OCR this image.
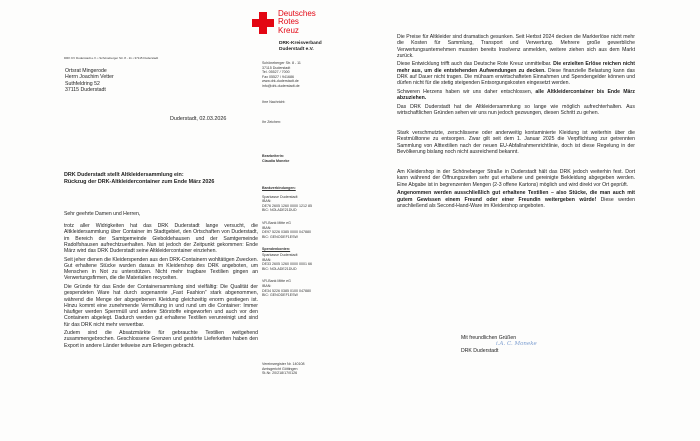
Deutsches
Rotes
Kreuz
DRK KV Duderstadt e.V. • Schöneberger Str. 8 - 11 • 37115 Duderstadt
Ortsrat Mingerode
Herrn Joachim Vetter
Suthfeldring 52
37115 Duderstadt
DRK-Kreisverband
Duderstadt e.V.
Schöneberger Str. 8 - 11
37115 Duderstadt
Tel. 05527 / 7000
Fax 05527 / 941686
www.drk-duderstadt.de
info@drk-duderstadt.de
Ihre Nachricht:
Ihr Zeichen:
Duderstadt, 02.03.2026
Bearbeiterin:
Claudia Moneke
DRK Duderstadt stellt Altkleidersammlung ein:
Rückzug der DRK-Altkleidercontainer zum Ende März 2026
Bankverbindungen:
Sparkasse Duderstadt
IBAN:
DE76 2605 1260 0000 1212 85
BIC: NOLADE21DUD
VR-Bank Mitte eG
IBAN:
DE97 5226 0385 0000 047880
BIC: GENODEF1ESW
Spendenkonten:
Sparkasse Duderstadt
IBAN:
DE33 2605 1260 0000 0001 66
BIC: NOLADE21DUD
VR-Bank Mitte eG
IBAN:
DE34 5226 0385 0100 047880
BIC: GENODEF1ESW
Vereinsregister Nr. 140108
Amtsgericht Göttingen
St-Nr. 20/218/17/0126
Sehr geehrte Damen und Herren,

trotz aller Widrigkeiten hat das DRK Duderstadt lange versucht, die Altkleidersammlung über Container im Stadtgebiet, den Ortschaften von Duderstadt, im Bereich der Samtgemeinde Gieboldehausen und der Samtgemeinde Radolfshausen aufrechtzuerhalten. Nun ist jedoch der Zeitpunkt gekommen: Ende März wird das DRK Duderstadt seine Altkleidercontainer einziehen.

Seit jeher dienen die Kleiderspenden aus den DRK-Containern wohltätigen Zwecken. Gut erhaltene Stücke wurden daraus im Kleidershop des DRK angeboten, um Menschen in Not zu unterstützen. Nicht mehr tragbare Textilien gingen an Verwertungsfirmen, die die Materialien recycelten.

Die Gründe für das Ende der Containersammlung sind vielfältig: Die Qualität der gespendeten Ware hat durch sogenannte „Fast Fashion“ stark abgenommen, während die Menge der abgegebenen Kleidung gleichzeitig enorm gestiegen ist. Hinzu kommt eine zunehmende Vermüllung in und rund um die Container: Immer häufiger werden Sperrmüll und andere Störstoffe eingeworfen und auch vor den Containern abgelegt. Dadurch werden gut erhaltene Textilien verunreinigt und sind für das DRK nicht mehr verwertbar.

Zudem sind die Absatzmärkte für gebrauchte Textilien weitgehend zusammengebrochen. Geschlossene Grenzen und gestörte Lieferketten haben den Export in andere Länder teilweise zum Erliegen gebracht.

Die Preise für Altkleider sind dramatisch gesunken. Seit Herbst 2024 decken die Markterlöse nicht mehr die Kosten für Sammlung, Transport und Verwertung. Mehrere große gewerbliche Verwertungsunternehmen mussten bereits Insolvenz anmelden, weitere ziehen sich aus dem Markt zurück.

Diese Entwicklung trifft auch das Deutsche Rote Kreuz unmittelbar. Die erzielten Erlöse reichen nicht mehr aus, um die entstehenden Aufwendungen zu decken. Diese finanzielle Belastung kann das DRK auf Dauer nicht tragen. Die mühsam erwirtschafteten Einnahmen und Spendengelder können und dürfen nicht für die stetig steigenden Entsorgungskosten eingesetzt werden.

Schweren Herzens haben wir uns daher entschlossen, alle Altkleidercontainer bis Ende März abzuziehen.

Das DRK Duderstadt hat die Altkleidersammlung so lange wie möglich aufrechterhalten. Aus wirtschaftlichen Gründen sehen wir uns nun jedoch gezwungen, diesen Schritt zu gehen.

Stark verschmutzte, zerschlissene oder anderweitig kontaminierte Kleidung ist weiterhin über die Restmülltonne zu entsorgen. Zwar gilt seit dem 1. Januar 2025 die Verpflichtung zur getrennten Sammlung von Alttextilien nach der neuen EU-Abfallrahmenrichtlinie, doch ist diese Regelung in der Bevölkerung bislang noch nicht ausreichend bekannt.

Am Kleidershop in der Schöneberger Straße in Duderstadt hält das DRK jedoch weiterhin fest. Dort kann während der Öffnungszeiten sehr gut erhaltene und gereinigte Bekleidung abgegeben werden. Eine Abgabe ist in begrenzenten Mengen (2-3 offene Kartons) möglich und wird direkt vor Ort geprüft.

Angenommen werden ausschließlich gut erhaltene Textilien – also Stücke, die man auch mit gutem Gewissen einem Freund oder einer Freundin weitergeben würde! Diese werden anschließend als Second-Hand-Ware im Kleidershop angeboten.

Mit freundlichen Grüßen
i.A. C. Moneke
DRK Duderstadt
